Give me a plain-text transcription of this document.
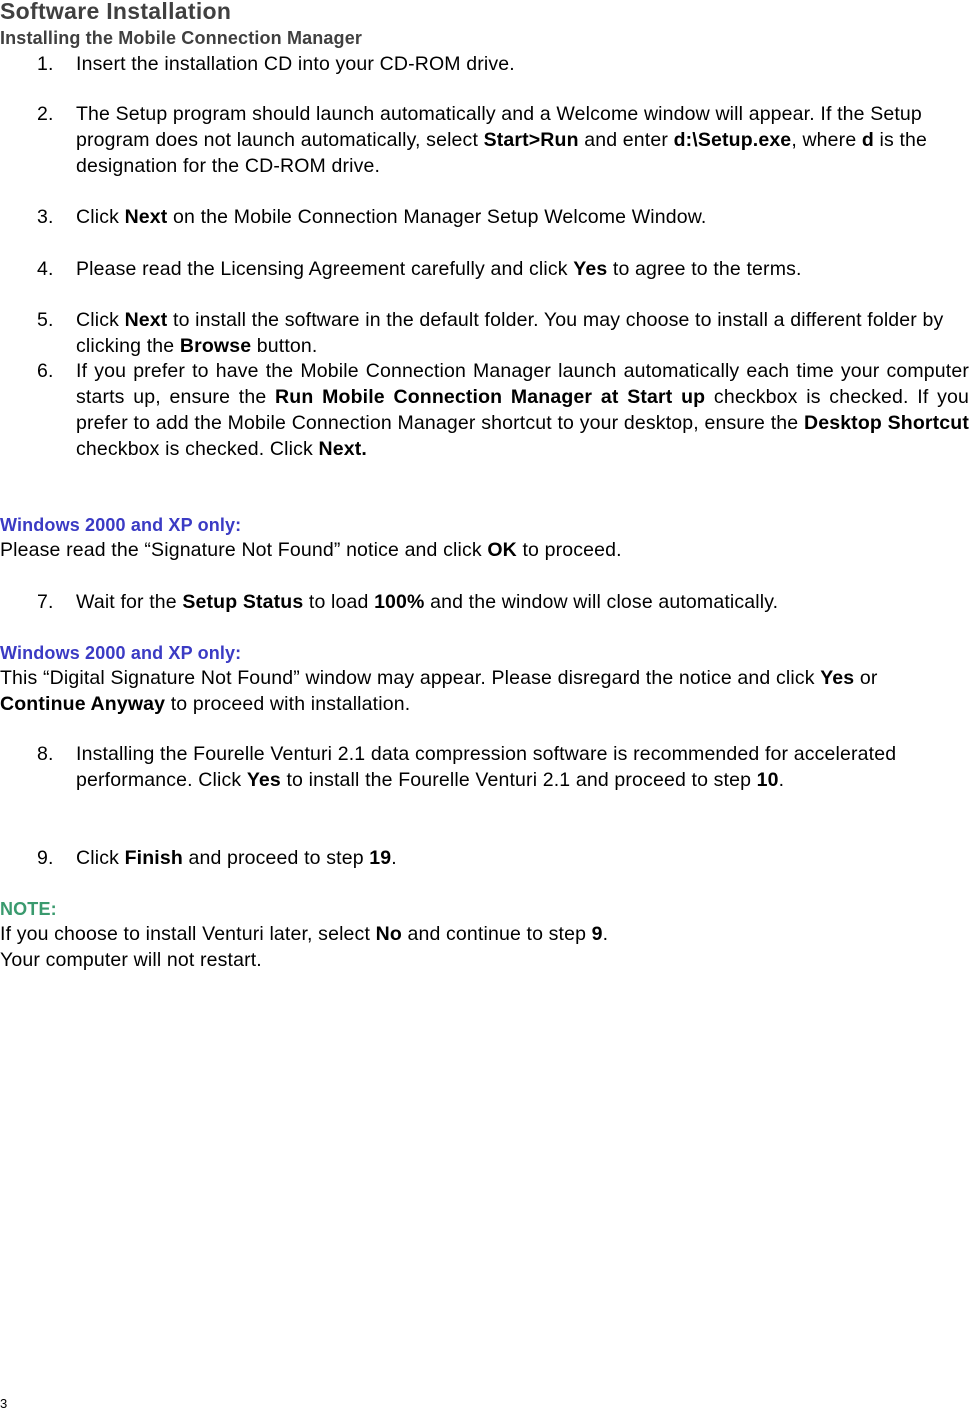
Software Installation
Installing the Mobile Connection Manager
1.	Insert the installation CD into your CD-ROM drive.
2.	The Setup program should launch automatically and a Welcome window will appear. If the Setup program does not launch automatically, select Start>Run and enter d:\Setup.exe, where d is the designation for the CD-ROM drive.
3.	Click Next on the Mobile Connection Manager Setup Welcome Window.
4.	Please read the Licensing Agreement carefully and click Yes to agree to the terms.
5.	Click Next to install the software in the default folder. You may choose to install a different folder by clicking the Browse button.
6.	If you prefer to have the Mobile Connection Manager launch automatically each time your computer starts up, ensure the Run Mobile Connection Manager at Start up checkbox is checked. If you prefer to add the Mobile Connection Manager shortcut to your desktop, ensure the Desktop Shortcut checkbox is checked. Click Next.
Windows 2000 and XP only:
Please read the “Signature Not Found” notice and click OK to proceed.
7.	Wait for the Setup Status to load 100% and the window will close automatically.
Windows 2000 and XP only:
This “Digital Signature Not Found” window may appear. Please disregard the notice and click Yes or Continue Anyway to proceed with installation.
8.	Installing the Fourelle Venturi 2.1 data compression software is recommended for accelerated performance. Click Yes to install the Fourelle Venturi 2.1 and proceed to step 10.
9.	Click Finish and proceed to step 19.
NOTE:
If you choose to install Venturi later, select No and continue to step 9.
Your computer will not restart.
3
